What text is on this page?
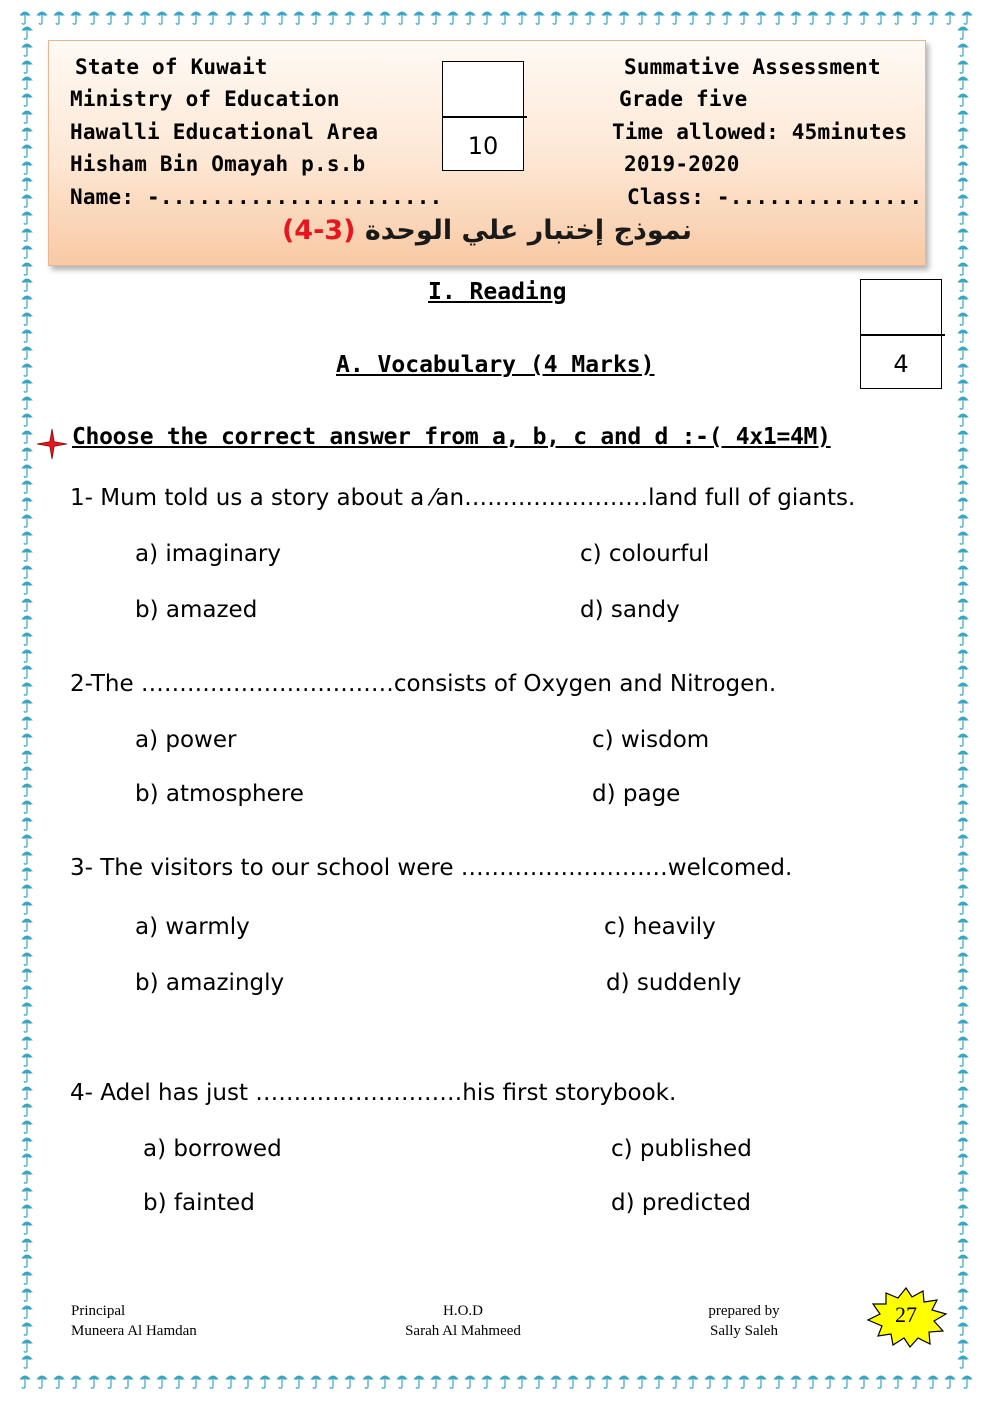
State of Kuwait
Ministry of Education
Hawalli Educational Area
Hisham Bin Omayah p.s.b
Name: -......................
Summative Assessment
Grade five
Time allowed: 45minutes
2019-2020
Class: -...............
10
نموذج إختبار علي الوحدة (3-4)
I. Reading
A. Vocabulary (4 Marks)	4
Choose the correct answer from a, b, c and d :-( 4x1=4M)
1- Mum told us a story about a ⁄an……………………land full of giants.
a) imaginary	c) colourful
b) amazed	d) sandy
2-The ……………………………consists of Oxygen and Nitrogen.
a) power	c) wisdom
b) atmosphere	d) page
3- The visitors to our school were ………………………welcomed.
a) warmly	c) heavily
b) amazingly	d) suddenly
4- Adel has just ………………………his first storybook.
a) borrowed	c) published
b) fainted	d) predicted
Principal
Muneera Al Hamdan
H.O.D
Sarah Al Mahmeed
prepared by
Sally Saleh
27
